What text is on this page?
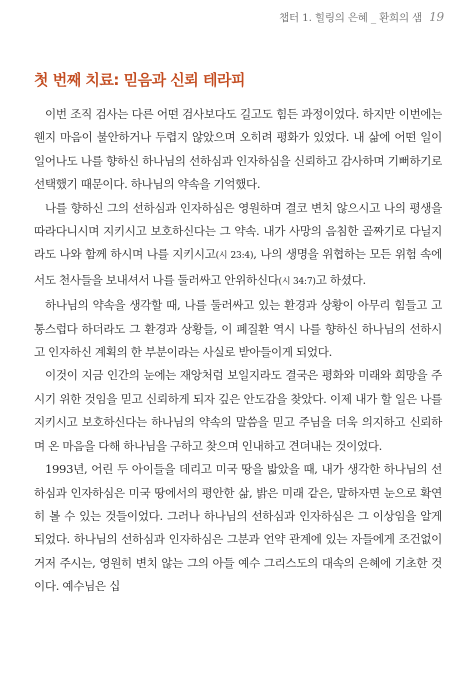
챕터 1. 힐링의 은혜 _ 환희의 샘 19
첫 번째 치료: 믿음과 신뢰 테라피

이번 조직 검사는 다른 어떤 검사보다도 길고도 힘든 과정이었다. 하지만 이번에는 웬지 마음이 불안하거나 두렵지 않았으며 오히려 평화가 있었다. 내 삶에 어떤 일이 일어나도 나를 향하신 하나님의 선하심과 인자하심을 신뢰하고 감사하며 기뻐하기로 선택했기 때문이다. 하나님의 약속을 기억했다.

나를 향하신 그의 선하심과 인자하심은 영원하며 결코 변치 않으시고 나의 평생을 따라다니시며 지키시고 보호하신다는 그 약속. 내가 사망의 음침한 골짜기로 다닐지라도 나와 함께 하시며 나를 지키시고(시 23:4), 나의 생명을 위협하는 모든 위험 속에서도 천사들을 보내셔서 나를 둘러싸고 안위하신다(시 34:7)고 하셨다.

하나님의 약속을 생각할 때, 나를 둘러싸고 있는 환경과 상황이 아무리 힘들고 고통스럽다 하더라도 그 환경과 상황들, 이 폐질환 역시 나를 향하신 하나님의 선하시고 인자하신 계획의 한 부분이라는 사실로 받아들이게 되었다.

이것이 지금 인간의 눈에는 재앙처럼 보일지라도 결국은 평화와 미래와 희망을 주시기 위한 것임을 믿고 신뢰하게 되자 깊은 안도감을 찾았다. 이제 내가 할 일은 나를 지키시고 보호하신다는 하나님의 약속의 말씀을 믿고 주님을 더욱 의지하고 신뢰하며 온 마음을 다해 하나님을 구하고 찾으며 인내하고 견뎌내는 것이었다.

1993년, 어린 두 아이들을 데리고 미국 땅을 밟았을 때, 내가 생각한 하나님의 선하심과 인자하심은 미국 땅에서의 평안한 삶, 밝은 미래 같은, 말하자면 눈으로 확연히 볼 수 있는 것들이었다. 그러나 하나님의 선하심과 인자하심은 그 이상임을 알게 되었다. 하나님의 선하심과 인자하심은 그분과 언약 관계에 있는 자들에게 조건없이 거저 주시는, 영원히 변치 않는 그의 아들 예수 그리스도의 대속의 은혜에 기초한 것이다. 예수님은 십
